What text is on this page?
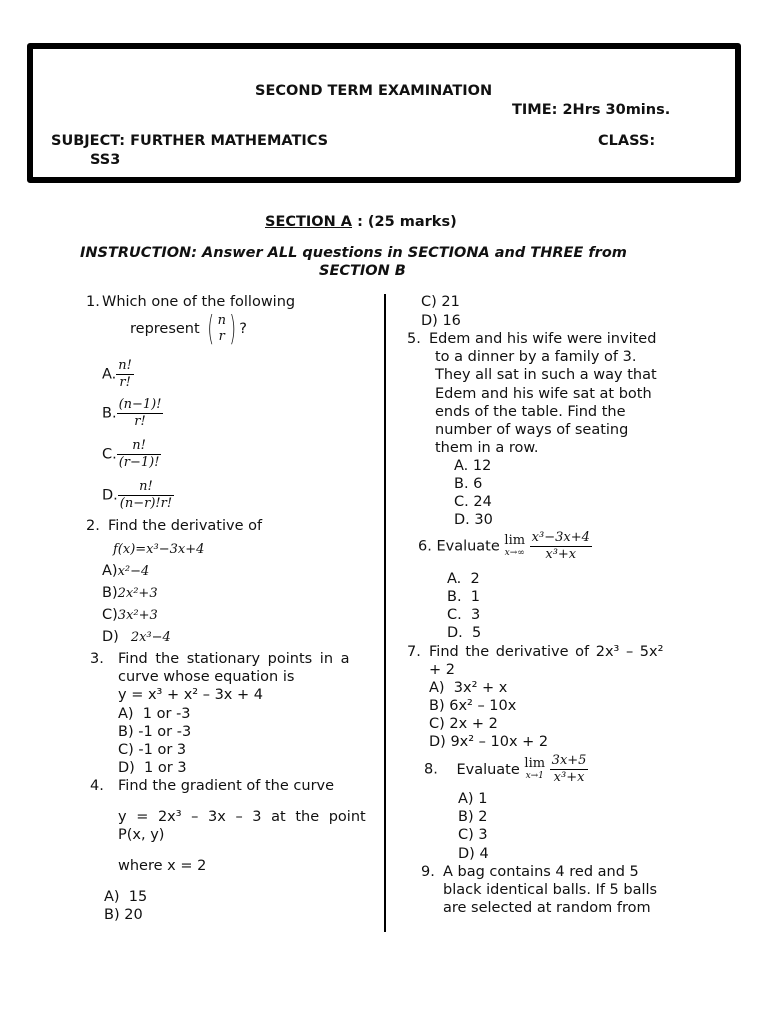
SECOND TERM EXAMINATION
TIME: 2Hrs 30mins.
SUBJECT: FURTHER MATHEMATICS	CLASS:
SS3
SECTION A : (25 marks)
INSTRUCTION: Answer ALL questions in SECTIONA and THREE from
SECTION B
1. Which one of the following
represent ( n
r ) ?
A. $\frac{n!}{r!}$
B. $\frac{(n-1)!}{r!}$
C. $\frac{n!}{(r-1)!}$
D. $\frac{n!}{(n-r)!r!}$
2. Find the derivative of
f(x)=x³−3x+4
A)x²−4
B)2x²+3
C)3x²+3
D) 2x³−4
3. Find the stationary points in a
curve whose equation is
y = x³ + x² – 3x + 4
A) 1 or -3
B) -1 or -3
C) -1 or 3
D) 1 or 3
4. Find the gradient of the curve
y = 2x³ – 3x – 3 at the point
P(x, y)
where x = 2
A) 15
B) 20
C) 21
D) 16
5. Edem and his wife were invited
to a dinner by a family of 3.
They all sat in such a way that
Edem and his wife sat at both
ends of the table. Find the
number of ways of seating
them in a row.
A. 12
B. 6
C. 24
D. 30
6. Evaluate lim
x→∞
$\frac{\text{x³−3x+4}}{\text{x³+x}}$
A. 2
B. 1
C. 3
D. 5
7. Find the derivative of 2x³ – 5x²
+ 2
A) 3x² + x
B) 6x² – 10x
C) 2x + 2
D) 9x² – 10x + 2
8. Evaluate lim
x→1
$\frac{3x+5}{\text{x³+x}}$
A) 1
B) 2
C) 3
D) 4
9. A bag contains 4 red and 5
black identical balls. If 5 balls
are selected at random from
